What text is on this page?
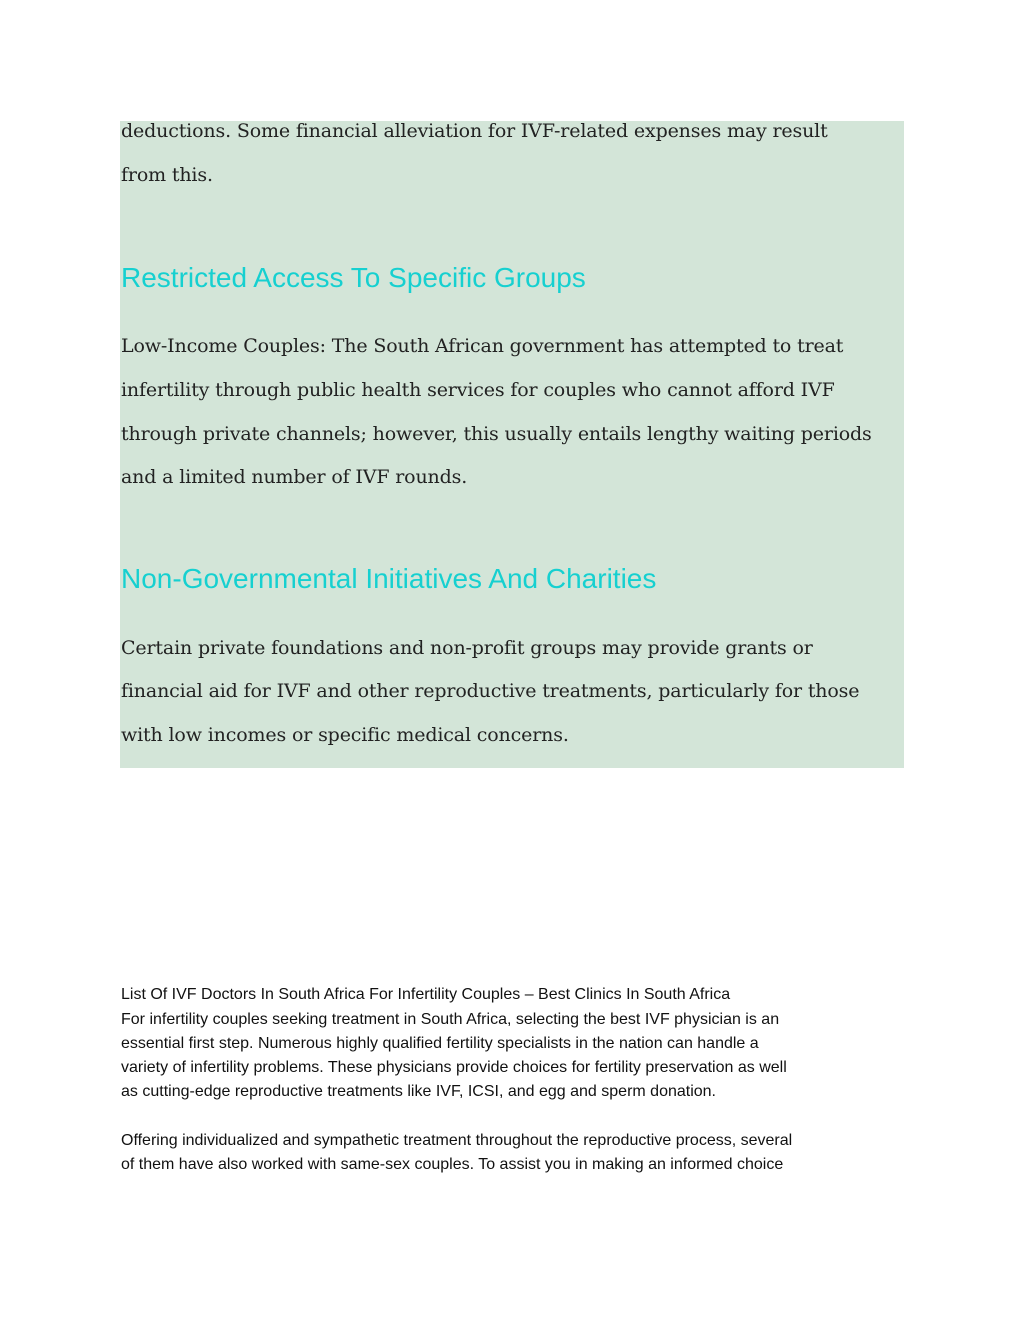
deductions. Some financial alleviation for IVF-related expenses may result
from this.
Restricted Access To Specific Groups
Low-Income Couples: The South African government has attempted to treat
infertility through public health services for couples who cannot afford IVF
through private channels; however, this usually entails lengthy waiting periods
and a limited number of IVF rounds.
Non-Governmental Initiatives And Charities
Certain private foundations and non-profit groups may provide grants or
financial aid for IVF and other reproductive treatments, particularly for those
with low incomes or specific medical concerns.
List Of IVF Doctors In South Africa For Infertility Couples – Best Clinics In South Africa
For infertility couples seeking treatment in South Africa, selecting the best IVF physician is an
essential first step. Numerous highly qualified fertility specialists in the nation can handle a
variety of infertility problems. These physicians provide choices for fertility preservation as well
as cutting-edge reproductive treatments like IVF, ICSI, and egg and sperm donation.
Offering individualized and sympathetic treatment throughout the reproductive process, several
of them have also worked with same-sex couples. To assist you in making an informed choice
